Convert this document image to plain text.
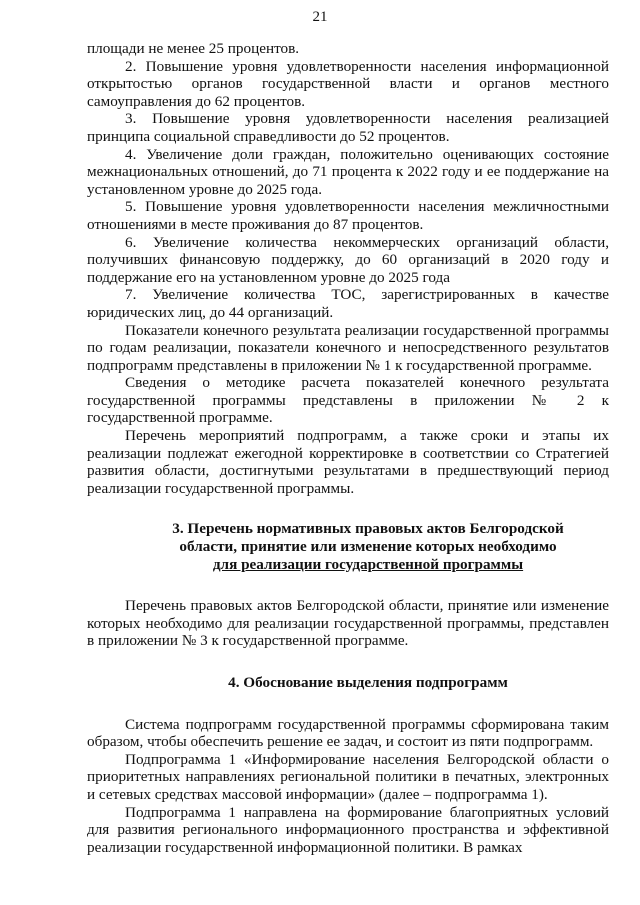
21

площади не менее 25 процентов.

2. Повышение уровня удовлетворенности населения информационной открытостью органов государственной власти и органов местного самоуправления до 62 процентов.

3. Повышение уровня удовлетворенности населения реализацией принципа социальной справедливости до 52 процентов.

4. Увеличение доли граждан, положительно оценивающих состояние межнациональных отношений, до 71 процента к 2022 году и ее поддержание на установленном уровне до 2025 года.

5. Повышение уровня удовлетворенности населения межличностными отношениями в месте проживания до 87 процентов.

6. Увеличение количества некоммерческих организаций области, получивших финансовую поддержку, до 60 организаций в 2020 году и поддержание его на установленном уровне до 2025 года

7. Увеличение количества ТОС, зарегистрированных в качестве юридических лиц, до 44 организаций.

Показатели конечного результата реализации государственной программы по годам реализации, показатели конечного и непосредственного результатов подпрограмм представлены в приложении № 1 к государственной программе.

Сведения о методике расчета показателей конечного результата государственной программы представлены в приложении № 2 к государственной программе.

Перечень мероприятий подпрограмм, а также сроки и этапы их реализации подлежат ежегодной корректировке в соответствии со Стратегией развития области, достигнутыми результатами в предшествующий период реализации государственной программы.

3. Перечень нормативных правовых актов Белгородской
области, принятие или изменение которых необходимо
для реализации государственной программы

Перечень правовых актов Белгородской области, принятие или изменение которых необходимо для реализации государственной программы, представлен в приложении № 3 к государственной программе.

4. Обоснование выделения подпрограмм

Система подпрограмм государственной программы сформирована таким образом, чтобы обеспечить решение ее задач, и состоит из пяти подпрограмм.

Подпрограмма 1 «Информирование населения Белгородской области о приоритетных направлениях региональной политики в печатных, электронных и сетевых средствах массовой информации» (далее – подпрограмма 1).

Подпрограмма 1 направлена на формирование благоприятных условий для развития регионального информационного пространства и эффективной реализации государственной информационной политики. В рамках
